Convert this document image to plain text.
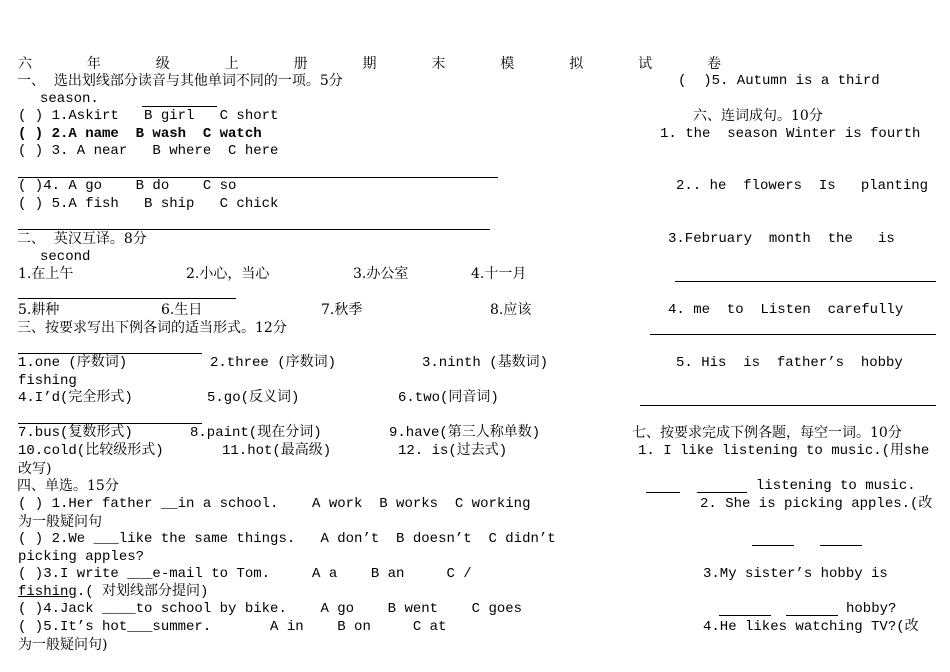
六  年  级  上  册  期  末  模  拟  试  卷
一、  选出划线部分读音与其他单词不同的一项。5分
season.
( ) 1.Askirt   B girl   C short
( ) 2.A name  B wash  C watch
( ) 3. A near   B where  C here
( )4. A go    B do    C so
( ) 5.A fish   B ship   C chick
二、  英汉互译。8分
second
1.在上午	2.小心，当心	3.办公室	4.十一月
5.耕种	6.生日	7.秋季	8.应该
三、按要求写出下例各词的适当形式。12分
1.one (序数词)	2.three (序数词)	3.ninth (基数词)
fishing
4.I’d(完全形式)	5.go(反义词)	6.two(同音词)
7.bus(复数形式)	8.paint(现在分词)	9.have(第三人称单数)
10.cold(比较级形式)	11.hot(最高级)	12. is(过去式)
改写)
四、单选。15分
( ) 1.Her father __in a school.    A work  B works  C working
为一般疑问句
( ) 2.We ___like the same things.   A don’t  B doesn’t  C didn’t
picking apples?
( )3.I write ___e-mail to Tom.     A a    B an     C /
fishing.( 对划线部分提问)
( )4.Jack ____to school by bike.    A go    B went    C goes
( )5.It’s hot___summer.       A in    B on     C at
为一般疑问句)
(  )5. Autumn is a third
六、连词成句。10分
1. the  season Winter is fourth
2.. he  flowers  Is   planting
3.February  month  the   is
4. me  to  Listen  carefully
5. His  is  father’s  hobby
七、按要求完成下例各题，每空一词。10分
1. I like listening to music.(用she
listening to music.
2. She is picking apples.(改
3.My sister’s hobby is
hobby?
4.He likes watching TV?(改
